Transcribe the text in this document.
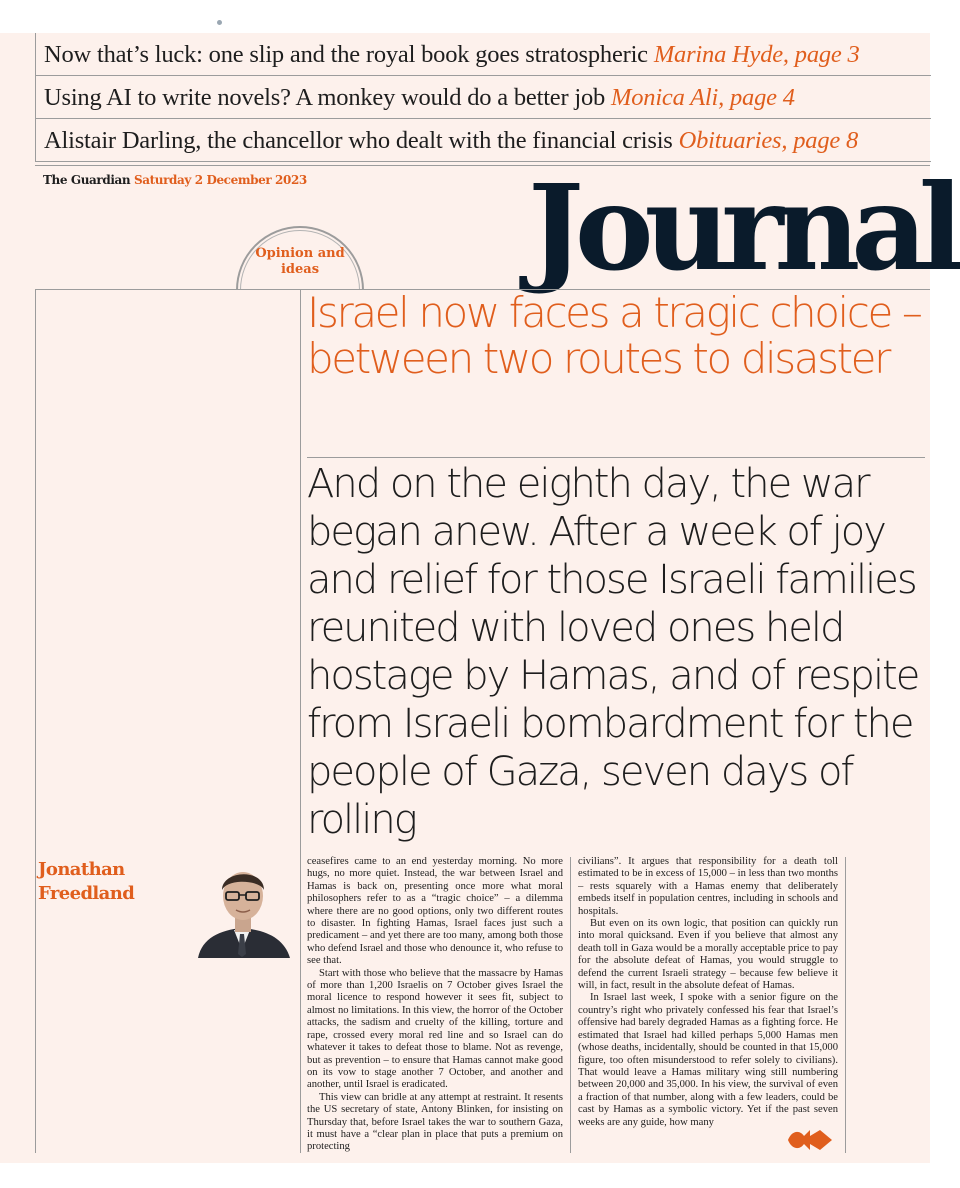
Now that’s luck: one slip and the royal book goes stratospheric Marina Hyde, page 3
Using AI to write novels? A monkey would do a better job Monica Ali, page 4
Alistair Darling, the chancellor who dealt with the financial crisis Obituaries, page 8
The Guardian Saturday 2 December 2023 Journal
Opinion and ideas
Israel now faces a tragic choice – between two routes to disaster
And on the eighth day, the war began anew. After a week of joy and relief for those Israeli families reunited with loved ones held hostage by Hamas, and of respite from Israeli bombardment for the people of Gaza, seven days of rolling
Jonathan Freedland

ceasefires came to an end yesterday morning. No more hugs, no more quiet. Instead, the war between Israel and Hamas is back on, presenting once more what moral philosophers refer to as a “tragic choice” – a dilemma where there are no good options, only two different routes to disaster. In fighting Hamas, Israel faces just such a predicament – and yet there are too many, among both those who defend Israel and those who denounce it, who refuse to see that.

Start with those who believe that the massacre by Hamas of more than 1,200 Israelis on 7 October gives Israel the moral licence to respond however it sees fit, subject to almost no limitations. In this view, the horror of the October attacks, the sadism and cruelty of the killing, torture and rape, crossed every moral red line and so Israel can do whatever it takes to defeat those to blame. Not as revenge, but as prevention – to ensure that Hamas cannot make good on its vow to stage another 7 October, and another and another, until Israel is eradicated.

This view can bridle at any attempt at restraint. It resents the US secretary of state, Antony Blinken, for insisting on Thursday that, before Israel takes the war to southern Gaza, it must have a “clear plan in place that puts a premium on protecting

civilians”. It argues that responsibility for a death toll estimated to be in excess of 15,000 – in less than two months – rests squarely with a Hamas enemy that deliberately embeds itself in population centres, including in schools and hospitals.

But even on its own logic, that position can quickly run into moral quicksand. Even if you believe that almost any death toll in Gaza would be a morally acceptable price to pay for the absolute defeat of Hamas, you would struggle to defend the current Israeli strategy – because few believe it will, in fact, result in the absolute defeat of Hamas.

In Israel last week, I spoke with a senior figure on the country’s right who privately confessed his fear that Israel’s offensive had barely degraded Hamas as a fighting force. He estimated that Israel had killed perhaps 5,000 Hamas men (whose deaths, incidentally, should be counted in that 15,000 figure, too often misunderstood to refer solely to civilians). That would leave a Hamas military wing still numbering between 20,000 and 35,000. In his view, the survival of even a fraction of that number, along with a few leaders, could be cast by Hamas as a symbolic victory. Yet if the past seven weeks are any guide, how many
